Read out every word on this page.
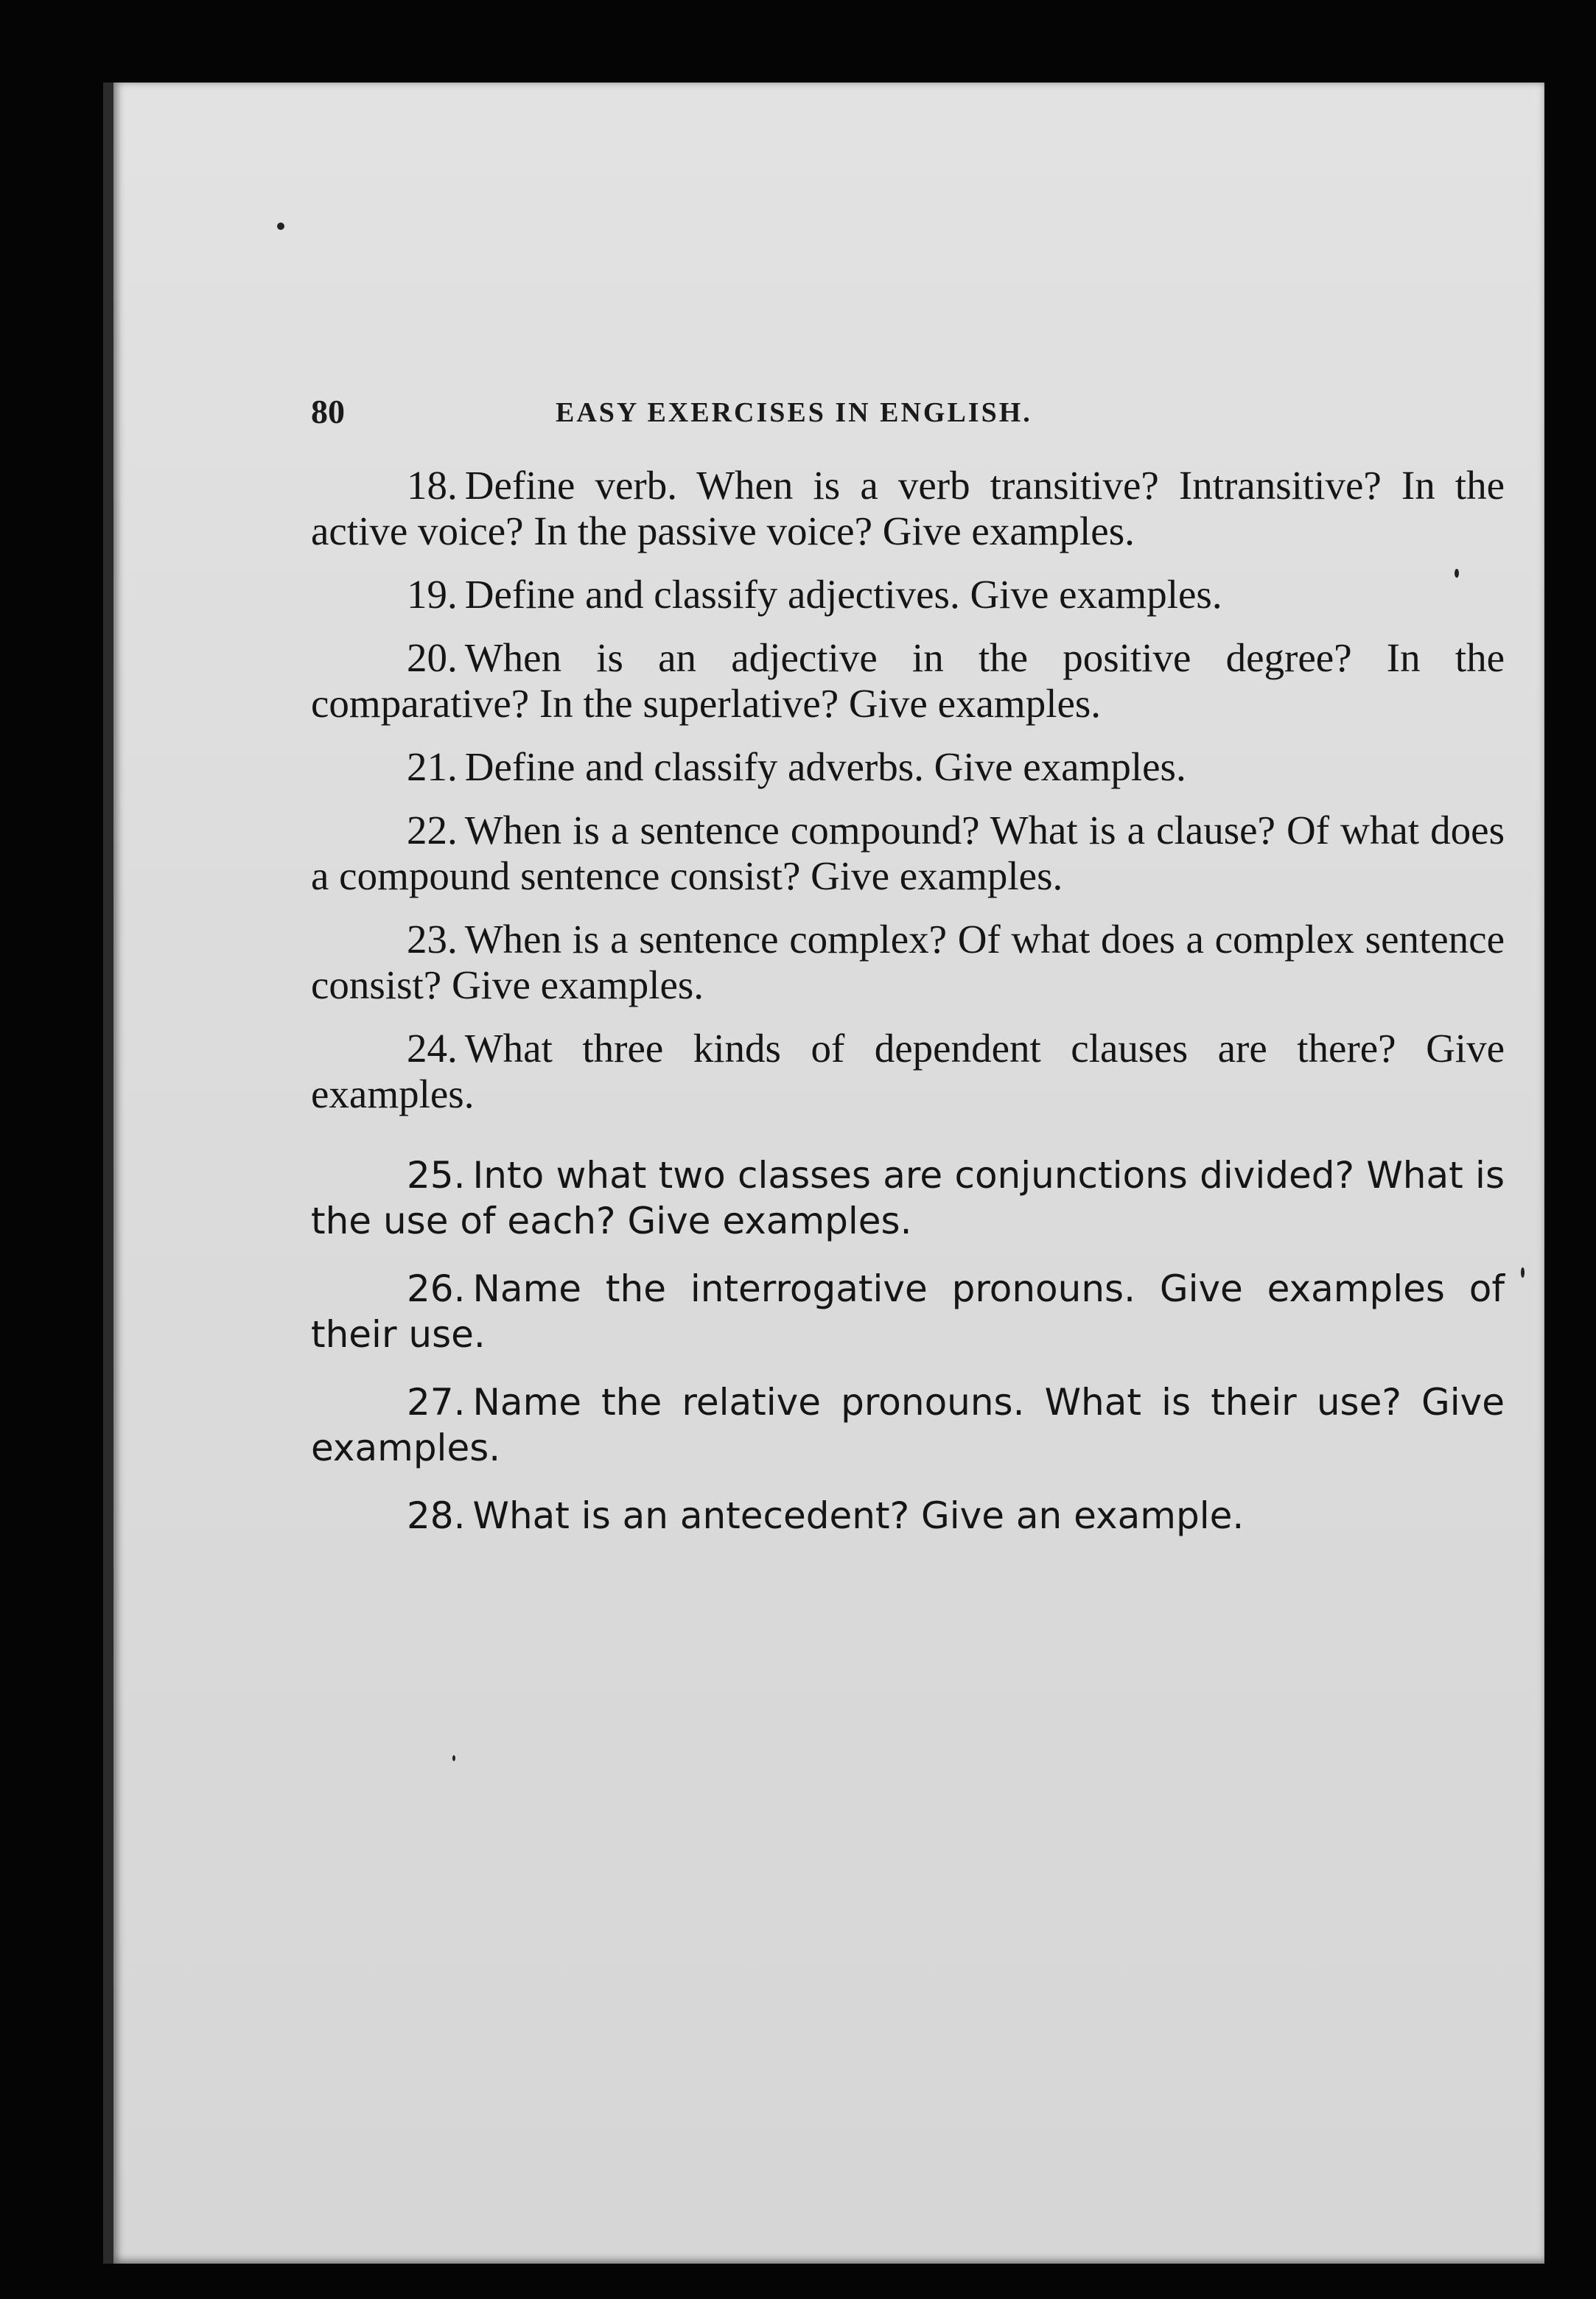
80	EASY EXERCISES IN ENGLISH.

18. Define verb. When is a verb transitive? Intransitive? In the active voice? In the passive voice? Give examples.

19. Define and classify adjectives. Give examples.

20. When is an adjective in the positive degree? In the comparative? In the superlative? Give examples.

21. Define and classify adverbs. Give examples.

22. When is a sentence compound? What is a clause? Of what does a compound sentence consist? Give examples.

23. When is a sentence complex? Of what does a complex sentence consist? Give examples.

24. What three kinds of dependent clauses are there? Give examples.

25. Into what two classes are conjunctions divided? What is the use of each? Give examples.

26. Name the interrogative pronouns. Give examples of their use.

27. Name the relative pronouns. What is their use? Give examples.

28. What is an antecedent? Give an example.
